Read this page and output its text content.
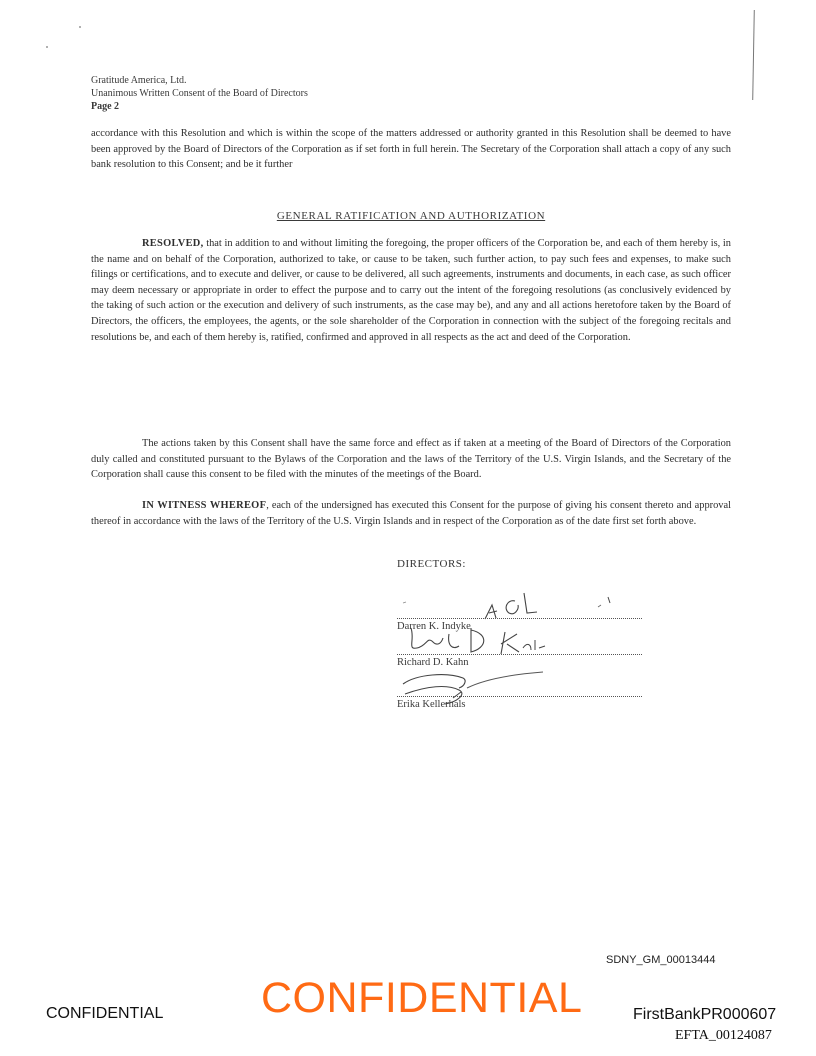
Gratitude America, Ltd.
Unanimous Written Consent of the Board of Directors
Page 2
accordance with this Resolution and which is within the scope of the matters addressed or authority granted in this Resolution shall be deemed to have been approved by the Board of Directors of the Corporation as if set forth in full herein. The Secretary of the Corporation shall attach a copy of any such bank resolution to this Consent; and be it further
GENERAL RATIFICATION AND AUTHORIZATION
RESOLVED, that in addition to and without limiting the foregoing, the proper officers of the Corporation be, and each of them hereby is, in the name and on behalf of the Corporation, authorized to take, or cause to be taken, such further action, to pay such fees and expenses, to make such filings or certifications, and to execute and deliver, or cause to be delivered, all such agreements, instruments and documents, in each case, as such officer may deem necessary or appropriate in order to effect the purpose and to carry out the intent of the foregoing resolutions (as conclusively evidenced by the taking of such action or the execution and delivery of such instruments, as the case may be), and any and all actions heretofore taken by the Board of Directors, the officers, the employees, the agents, or the sole shareholder of the Corporation in connection with the subject of the foregoing recitals and resolutions be, and each of them hereby is, ratified, confirmed and approved in all respects as the act and deed of the Corporation.
The actions taken by this Consent shall have the same force and effect as if taken at a meeting of the Board of Directors of the Corporation duly called and constituted pursuant to the Bylaws of the Corporation and the laws of the Territory of the U.S. Virgin Islands, and the Secretary of the Corporation shall cause this consent to be filed with the minutes of the meetings of the Board.
IN WITNESS WHEREOF, each of the undersigned has executed this Consent for the purpose of giving his consent thereto and approval thereof in accordance with the laws of the Territory of the U.S. Virgin Islands and in respect of the Corporation as of the date first set forth above.
DIRECTORS:
Darren K. Indyke
Richard D. Kahn
Erika Kellerhals
SDNY_GM_00013444
CONFIDENTIAL CONFIDENTIAL	FirstBankPR000607
EFTA_00124087
